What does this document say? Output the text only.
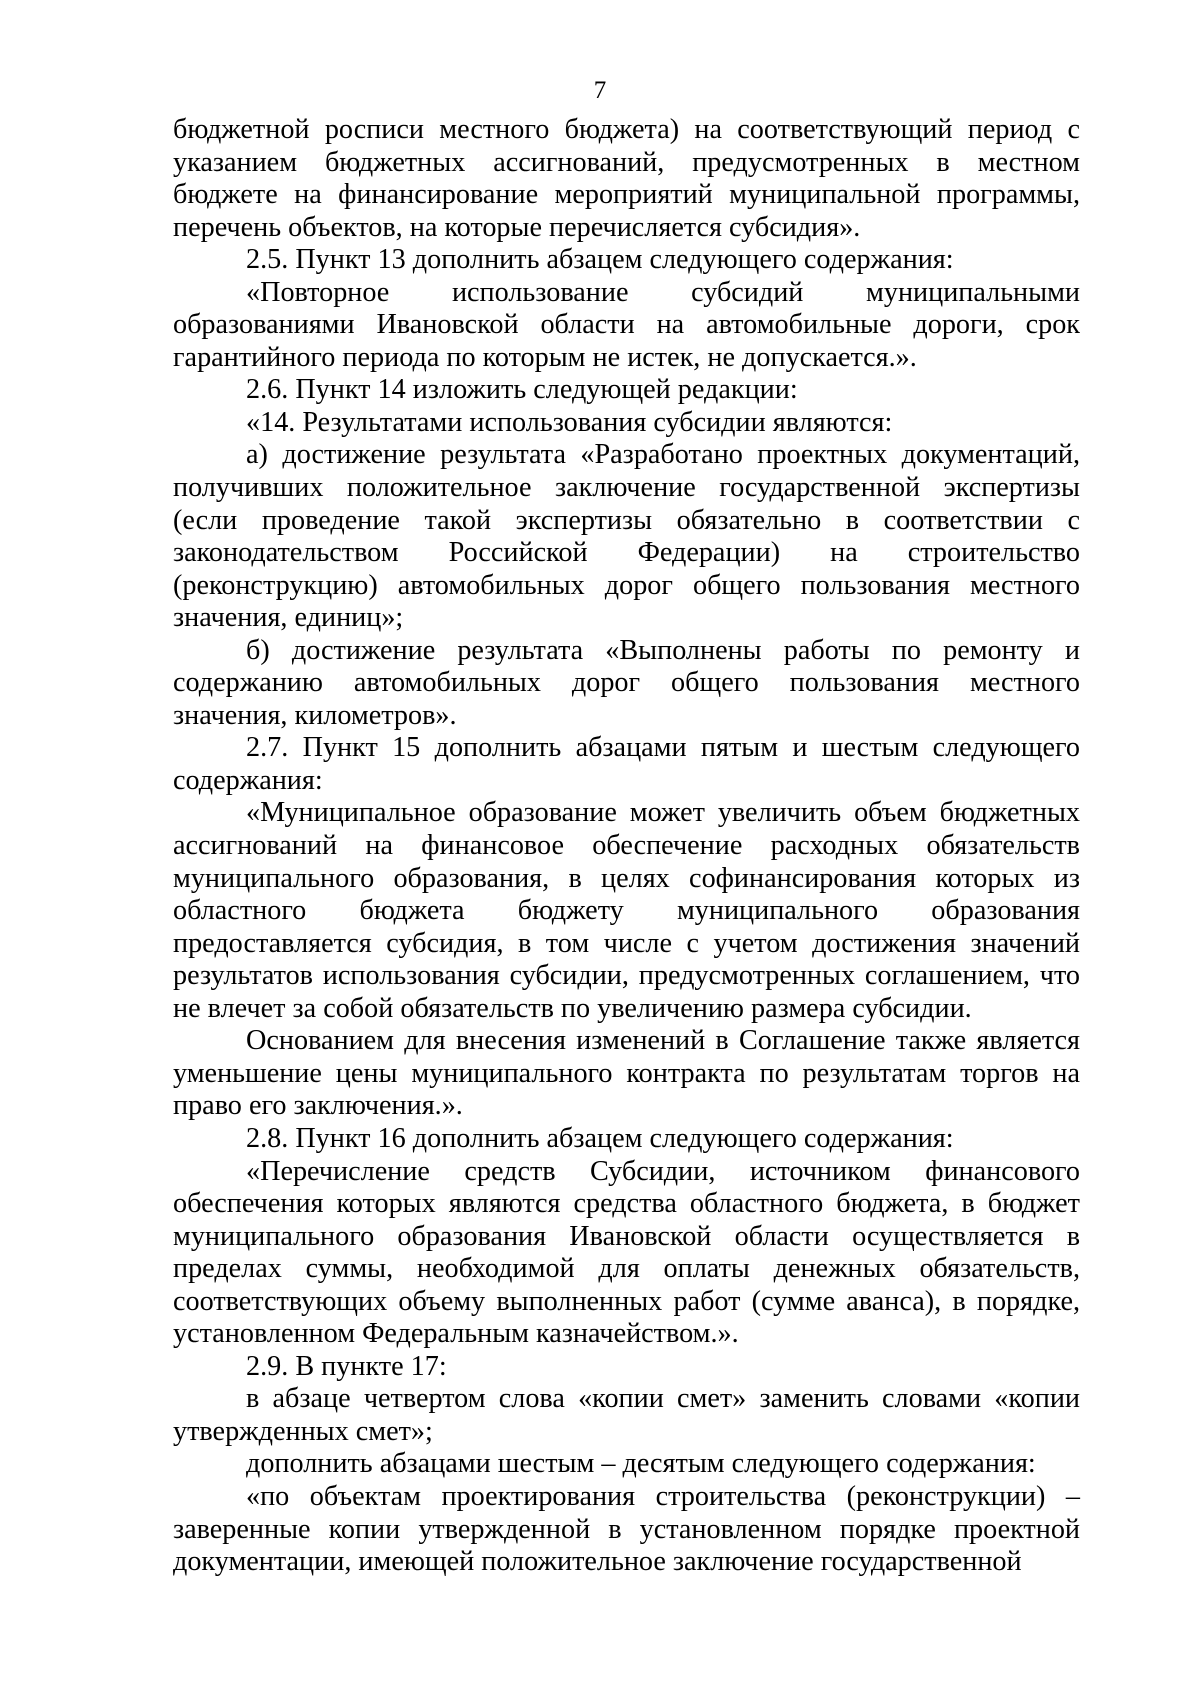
7

бюджетной росписи местного бюджета) на соответствующий период с указанием бюджетных ассигнований, предусмотренных в местном бюджете на финансирование мероприятий муниципальной программы, перечень объектов, на которые перечисляется субсидия».

2.5. Пункт 13 дополнить абзацем следующего содержания:

«Повторное использование субсидий муниципальными образованиями Ивановской области на автомобильные дороги, срок гарантийного периода по которым не истек, не допускается.».

2.6. Пункт 14 изложить следующей редакции:

«14. Результатами использования субсидии являются:

а) достижение результата «Разработано проектных документаций, получивших положительное заключение государственной экспертизы (если проведение такой экспертизы обязательно в соответствии с законодательством Российской Федерации) на строительство (реконструкцию) автомобильных дорог общего пользования местного значения, единиц»;

б) достижение результата «Выполнены работы по ремонту и содержанию автомобильных дорог общего пользования местного значения, километров».

2.7. Пункт 15 дополнить абзацами пятым и шестым следующего содержания:

«Муниципальное образование может увеличить объем бюджетных ассигнований на финансовое обеспечение расходных обязательств муниципального образования, в целях софинансирования которых из областного бюджета бюджету муниципального образования предоставляется субсидия, в том числе с учетом достижения значений результатов использования субсидии, предусмотренных соглашением, что не влечет за собой обязательств по увеличению размера субсидии.

Основанием для внесения изменений в Соглашение также является уменьшение цены муниципального контракта по результатам торгов на право его заключения.».

2.8. Пункт 16 дополнить абзацем следующего содержания:

«Перечисление средств Субсидии, источником финансового обеспечения которых являются средства областного бюджета, в бюджет муниципального образования Ивановской области осуществляется в пределах суммы, необходимой для оплаты денежных обязательств, соответствующих объему выполненных работ (сумме аванса), в порядке, установленном Федеральным казначейством.».

2.9. В пункте 17:

в абзаце четвертом слова «копии смет» заменить словами «копии утвержденных смет»;

дополнить абзацами шестым – десятым следующего содержания:

«по объектам проектирования строительства (реконструкции) – заверенные копии утвержденной в установленном порядке проектной документации, имеющей положительное заключение государственной
